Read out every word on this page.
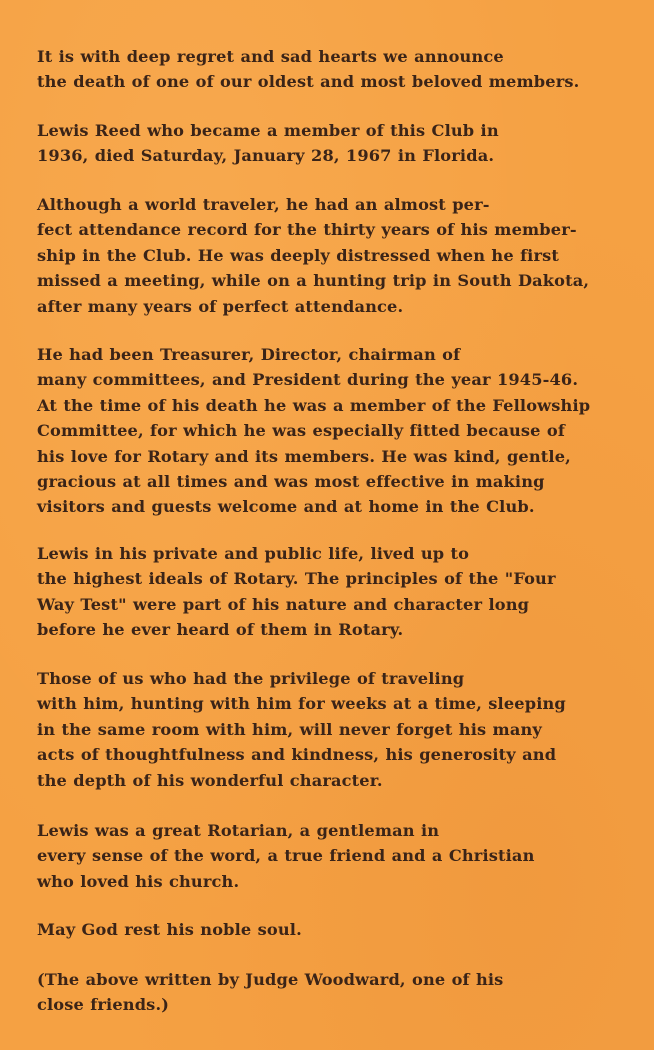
It is with deep regret and sad hearts we announce
the death of one of our oldest and most beloved members.

Lewis Reed who became a member of this Club in
1936, died Saturday, January 28, 1967 in Florida.

Although a world traveler, he had an almost per-
fect attendance record for the thirty years of his member-
ship in the Club. He was deeply distressed when he first
missed a meeting, while on a hunting trip in South Dakota,
after many years of perfect attendance.

He had been Treasurer, Director, chairman of
many committees, and President during the year 1945-46.
At the time of his death he was a member of the Fellowship
Committee, for which he was especially fitted because of
his love for Rotary and its members. He was kind, gentle,
gracious at all times and was most effective in making
visitors and guests welcome and at home in the Club.

Lewis in his private and public life, lived up to
the highest ideals of Rotary. The principles of the "Four
Way Test" were part of his nature and character long
before he ever heard of them in Rotary.

Those of us who had the privilege of traveling
with him, hunting with him for weeks at a time, sleeping
in the same room with him, will never forget his many
acts of thoughtfulness and kindness, his generosity and
the depth of his wonderful character.

Lewis was a great Rotarian, a gentleman in
every sense of the word, a true friend and a Christian
who loved his church.

May God rest his noble soul.

(The above written by Judge Woodward, one of his
close friends.)
